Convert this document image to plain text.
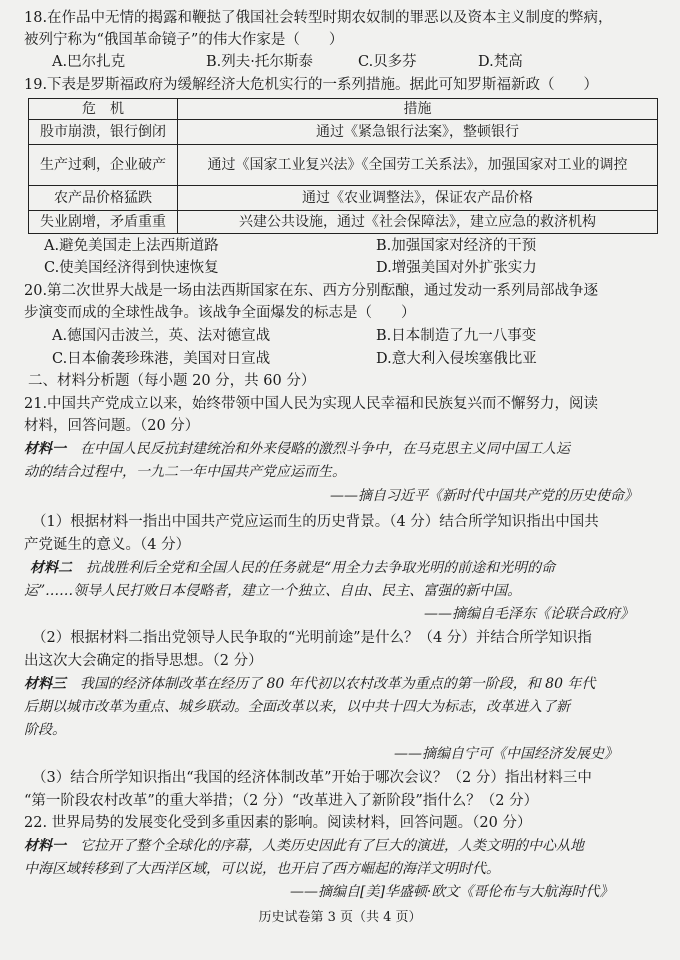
18.在作品中无情的揭露和鞭挞了俄国社会转型时期农奴制的罪恶以及资本主义制度的弊病，
被列宁称为“俄国革命镜子”的伟大作家是（　　）
A.巴尔扎克	B.列夫·托尔斯泰	C.贝多芬	D.梵高
19.下表是罗斯福政府为缓解经济大危机实行的一系列措施。据此可知罗斯福新政（　　）
危　机	措施
股市崩溃，银行倒闭	通过《紧急银行法案》，整顿银行
生产过剩，企业破产	通过《国家工业复兴法》《全国劳工关系法》，加强国家对工业的调控
农产品价格猛跌	通过《农业调整法》，保证农产品价格
失业剧增，矛盾重重	兴建公共设施，通过《社会保障法》，建立应急的救济机构
A.避免美国走上法西斯道路	B.加强国家对经济的干预
C.使美国经济得到快速恢复	D.增强美国对外扩张实力
20.第二次世界大战是一场由法西斯国家在东、西方分别酝酿，通过发动一系列局部战争逐
步演变而成的全球性战争。该战争全面爆发的标志是（　　）
A.德国闪击波兰，英、法对德宣战	B.日本制造了九一八事变
C.日本偷袭珍珠港，美国对日宣战	D.意大利入侵埃塞俄比亚
二、材料分析题（每小题 20 分，共 60 分）
21.中国共产党成立以来，始终带领中国人民为实现人民幸福和民族复兴而不懈努力，阅读
材料，回答问题。（20 分）
材料一　在中国人民反抗封建统治和外来侵略的激烈斗争中，在马克思主义同中国工人运
动的结合过程中，一九二一年中国共产党应运而生。
——摘自习近平《新时代中国共产党的历史使命》
（1）根据材料一指出中国共产党应运而生的历史背景。（4 分）结合所学知识指出中国共
产党诞生的意义。（4 分）
材料二　抗战胜利后全党和全国人民的任务就是“用全力去争取光明的前途和光明的命
运”……领导人民打败日本侵略者，建立一个独立、自由、民主、富强的新中国。
——摘编自毛泽东《论联合政府》
（2）根据材料二指出党领导人民争取的“光明前途”是什么？（4 分）并结合所学知识指
出这次大会确定的指导思想。（2 分）
材料三　我国的经济体制改革在经历了 80 年代初以农村改革为重点的第一阶段，和 80 年代
后期以城市改革为重点、城乡联动。全面改革以来，以中共十四大为标志，改革进入了新
阶段。
——摘编自宁可《中国经济发展史》
（3）结合所学知识指出“我国的经济体制改革”开始于哪次会议？（2 分）指出材料三中
“第一阶段农村改革”的重大举措；（2 分）“改革进入了新阶段”指什么？（2 分）
22. 世界局势的发展变化受到多重因素的影响。阅读材料，回答问题。（20 分）
材料一　它拉开了整个全球化的序幕，人类历史因此有了巨大的演进，人类文明的中心从地
中海区域转移到了大西洋区域，可以说，也开启了西方崛起的海洋文明时代。
——摘编自[美]华盛顿·欧文《哥伦布与大航海时代》
历史试卷第 3 页（共 4 页）
